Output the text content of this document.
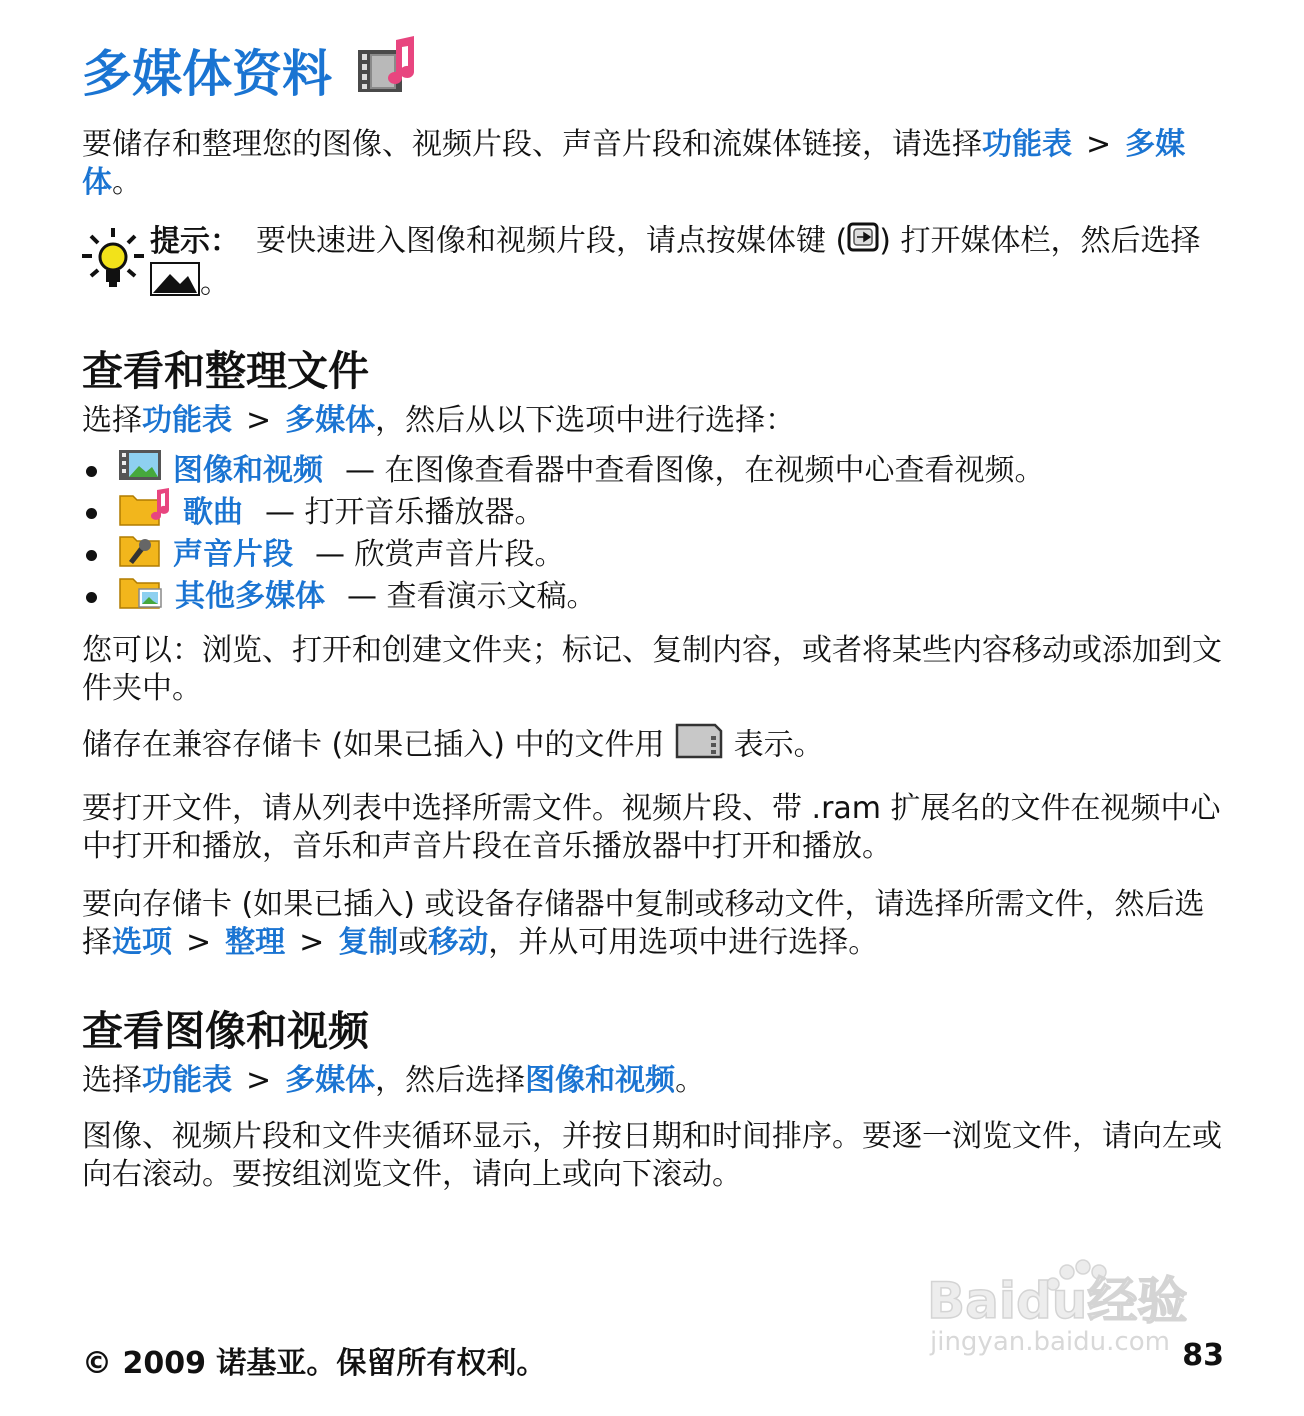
多媒体资料

要储存和整理您的图像、视频片段、声音片段和流媒体链接，请选择功能表 > 多媒体。

提示： 要快速进入图像和视频片段，请点按媒体键 ( ) 打开媒体栏，然后选择。
查看和整理文件

选择功能表 > 多媒体，然后从以下选项中进行选择：

图像和视频 — 在图像查看器中查看图像，在视频中心查看视频。
歌曲 — 打开音乐播放器。
声音片段 — 欣赏声音片段。
其他多媒体 — 查看演示文稿。

您可以：浏览、打开和创建文件夹；标记、复制内容，或者将某些内容移动或添加到文件夹中。

储存在兼容存储卡 (如果已插入) 中的文件用 表示。

要打开文件，请从列表中选择所需文件。视频片段、带 .ram 扩展名的文件在视频中心中打开和播放，音乐和声音片段在音乐播放器中打开和播放。

要向存储卡 (如果已插入) 或设备存储器中复制或移动文件，请选择所需文件，然后选择选项 > 整理 > 复制或移动，并从可用选项中进行选择。

查看图像和视频

选择功能表 > 多媒体，然后选择图像和视频。

图像、视频片段和文件夹循环显示，并按日期和时间排序。要逐一浏览文件，请向左或向右滚动。要按组浏览文件，请向上或向下滚动。

Baidu经验
jingyan.baidu.com
© 2009 诺基亚。保留所有权利。	83
